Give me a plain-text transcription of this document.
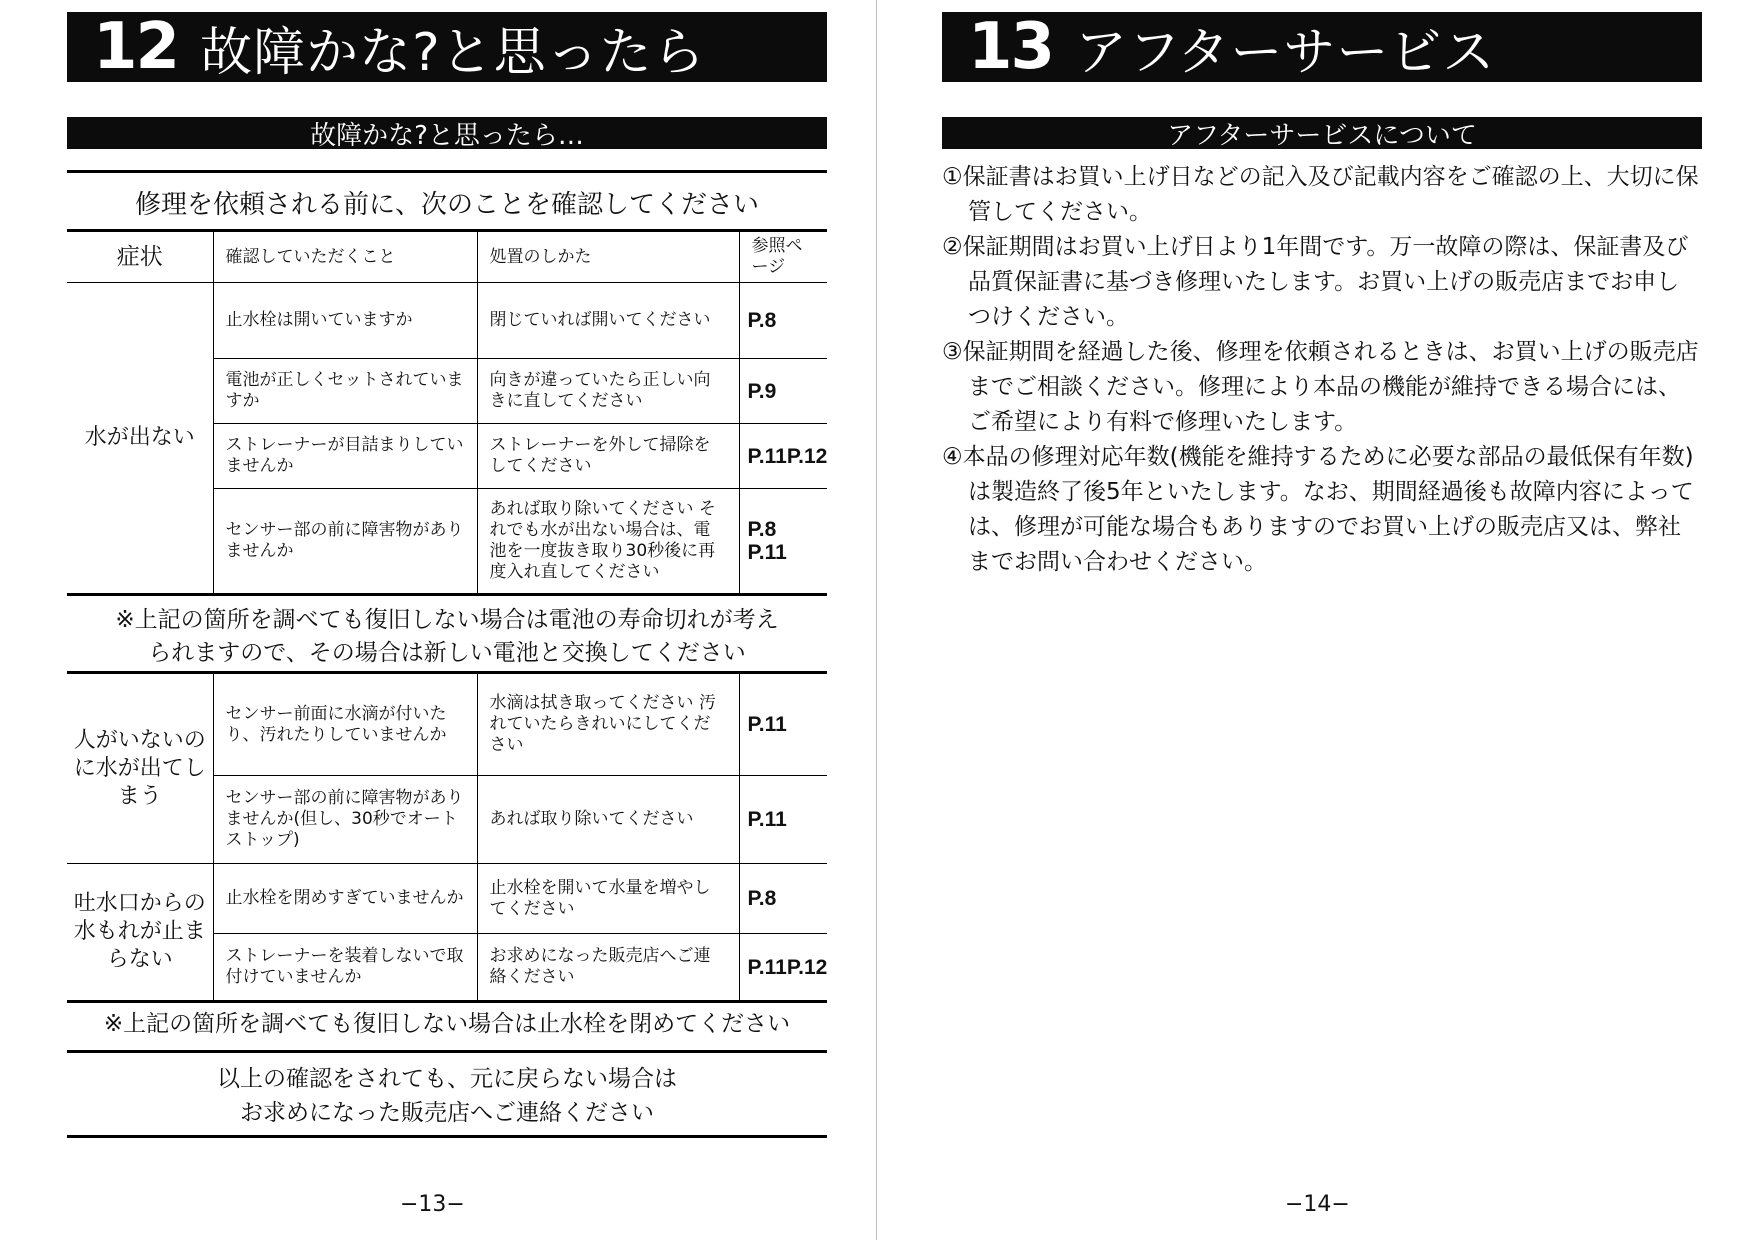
12 故障かな?と思ったら
故障かな?と思ったら…
修理を依頼される前に、次のことを確認してください
症状	確認していただくこと	処置のしかた	参照ページ
水が出ない	止水栓は開いていますか	閉じていれば開いてください	P.8
	電池が正しくセットされていますか	向きが違っていたら正しい向きに直してください	P.9
	ストレーナーが目詰まりしていませんか	ストレーナーを外して掃除をしてください	P.11P.12
	センサー部の前に障害物がありませんか	あれば取り除いてください それでも水が出ない場合は、電池を一度抜き取り30秒後に再度入れ直してください	P.8 P.11
※上記の箇所を調べても復旧しない場合は電池の寿命切れが考えられますので、その場合は新しい電池と交換してください
人がいないのに水が出てしまう	センサー前面に水滴が付いたり、汚れたりしていませんか	水滴は拭き取ってください 汚れていたらきれいにしてください	P.11
	センサー部の前に障害物がありませんか(但し、30秒でオートストップ)	あれば取り除いてください	P.11
吐水口からの水もれが止まらない	止水栓を閉めすぎていませんか	止水栓を開いて水量を増やしてください	P.8
	ストレーナーを装着しないで取付けていませんか	お求めになった販売店へご連絡ください	P.11P.12
※上記の箇所を調べても復旧しない場合は止水栓を閉めてください
以上の確認をされても、元に戻らない場合は お求めになった販売店へご連絡ください
−13−
13 アフターサービス
アフターサービスについて
①保証書はお買い上げ日などの記入及び記載内容をご確認の上、大切に保管してください。
②保証期間はお買い上げ日より1年間です。万一故障の際は、保証書及び品質保証書に基づき修理いたします。お買い上げの販売店までお申しつけください。
③保証期間を経過した後、修理を依頼されるときは、お買い上げの販売店までご相談ください。修理により本品の機能が維持できる場合には、ご希望により有料で修理いたします。
④本品の修理対応年数(機能を維持するために必要な部品の最低保有年数)は製造終了後5年といたします。なお、期間経過後も故障内容によっては、修理が可能な場合もありますのでお買い上げの販売店又は、弊社までお問い合わせください。
−14−
